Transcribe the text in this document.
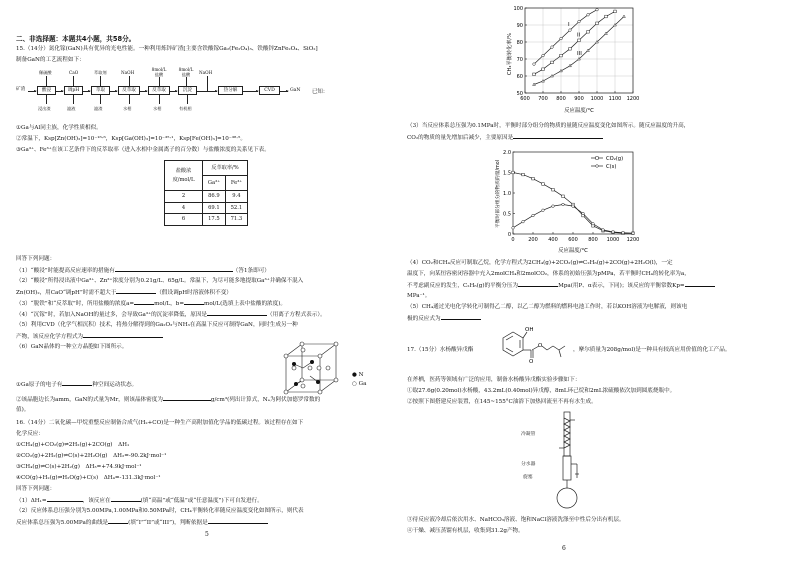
二、非选择题：本题共4小题，共58分。
15.（14分）氮化镓(GaN)具有优异的光电性能。一种利用炼锌矿渣[主要含铁酸镓Ga₂(Fe₂O₄)₃、铁酸锌ZnFe₂O₄、SiO₂]
制备GaN的工艺流程如下：
矿渣	酸浸	调pH	萃取	反萃取	反萃取	沉淀	热分解	CVD	GaN 已知：
稀硫酸	CaO	萃取剂	NaOH
8mol/L 盐酸
8mol/L 盐酸	NaOH
浸出渣	滤液	滤渣	水相	水相	有机相
①Ga与Al同主族，化学性质相似。
②常温下，Ksp[Zn(OH)₂]=10⁻¹⁶·⁶，Ksp[Ga(OH)₃]=10⁻³⁵·¹，Ksp[Fe(OH)₃]=10⁻³⁸·⁵。
③Ga³⁺、Fe³⁺在该工艺条件下的反萃取率（进入水相中金属离子的百分数）与盐酸浓度的关系见下表。
盐酸浓度/mol/L	反萃取率/%	
	Ga³⁺	Fe³⁺
2	86.9	9.4
4	69.1	52.1
6	17.5	71.3
回答下列问题：
（1）“酸浸”时能提高反应速率的措施有	（答1条即可）
（2）“酸浸”所得浸出液中Ga³⁺、Zn²⁺浓度分别为0.21g/L、65g/L。常温下，为尽可能多地提取Ga³⁺并确保不混入
Zn(OH)₂，用CaO“调pH”时需不超大于	（假设调pH时溶液体积不变）
（3）“脱铁”和“反萃取”时，所用盐酸的浓度a=	mol/L，b=	mol/L(选填上表中盐酸的浓度)。
（4）“沉镓”时，若加入NaOH的量过多，会导致Ga³⁺的沉淀率降低，原因是	（用离子方程式表示）。
（5）利用CVD（化学气相沉积）技术，将热分解得到的Ga₂O₃与NH₃在高温下反应可制得GaN，同时生成另一种
产物，该反应化学方程式为
（6）GaN晶体的一种立方晶胞如下图所示。
● N
○ Ga
①Ga原子的电子有	种空间运动状态。
②该晶胞边长为amm，GaN的式量为Mr，则该晶体密度为	g/cm³(列出计算式，Nₐ为阿伏加德罗常数的
值)。
16.（14分）二氧化碳—甲烷重整反应制备合成气(H₂+CO)是一种生产高附加值化学品的低碳过程。该过程存在如下
化学反应：
①CH₄(g)+CO₂(g)⇌2H₂(g)+2CO(g)　ΔH₁
②CO₂(g)+2H₂(g)⇌C(s)+2H₂O(g)　ΔH₂=-90.2kJ·mol⁻¹
③CH₄(g)⇌C(s)+2H₂(g)　ΔH₃=+74.9kJ·mol⁻¹
④CO(g)+H₂(g)⇌H₂O(g)+C(s)　ΔH₄=-131.3kJ·mol⁻¹
回答下列问题：
（1）ΔH₁=	，该反应在	(填“高温”或“低温”或“任意温度”)下可自发进行。
（2）反应体系总压强分别为5.00MPa,1.00MPa和0.50MPa时，CH₄平衡转化率随反应温度变化如图所示，则代表
反应体系总压强为5.00MPa的曲线是	(填“I”“II”或“III”)，判断依据是
5
600 700 800 900 1000 1100 1200
50
60
70
80
90
100
I
II
III
CH₄平衡转化率/%
反应温度/°C
（3）当反应体系总压强为0.1MPa时，平衡时部分组分的物质的量随反应温度变化如图所示。随反应温度的升高，
CO₂的物质的量先增加后减少，主要原因是
0	200 400 600 800 1000 1200
0
0.5
1.0
1.5
2.0
CO₂(g)
C(s)
平衡时部分组分的物质的量/mol
反应温度/°C
（4）CO₂和CH₄反应可制取乙烷，化学方程式为2CH₄(g)+2CO₂(g)⇌C₂H₆(g)+2CO(g)+2H₂O(l)，一定
温度下，向某恒容密闭容器中充入2molCH₄和2molCO₂，体系的初始压强为pMPa，若平衡时CH₄的转化率为a，
不考虑副反应的发生，C₂H₆(g)的平衡分压为	Mpa(用P、α表示，下同)；该反应的平衡常数Kp=
MPa⁻¹。
（5）CH₄通过光电化学转化可制得乙二醇，以乙二醇为燃料的燃料电池工作时，若以KOH溶液为电解液，则该电
极的反应式为
17.（15分）水杨酸异戊酯
OH
O
O
，摩尔质量为208g/mol)是一种具有较高应用价值的化工产品。
在斧栖，医药等领域有广泛的应用，制备水杨酸异戊酯实验步骤如下：
①取27.6g(0.20mol)水杨酸，43.2mL(0.40mol)异戊醇，8mL环己烷和2mL浓硫酸依次加到圆底烧瓶中。
②按照下图搭建反应装置，在145~155°C油浴下加热回流至不再有水生成。
冷凝管
分水器
旋塞
③待反应液冷却后依次用水、NaHCO₃溶液、饱和NaCl溶液洗涤至中性后分出有机层。
④干燥、减压蒸馏有机层，收集到31.2g产物。
6
